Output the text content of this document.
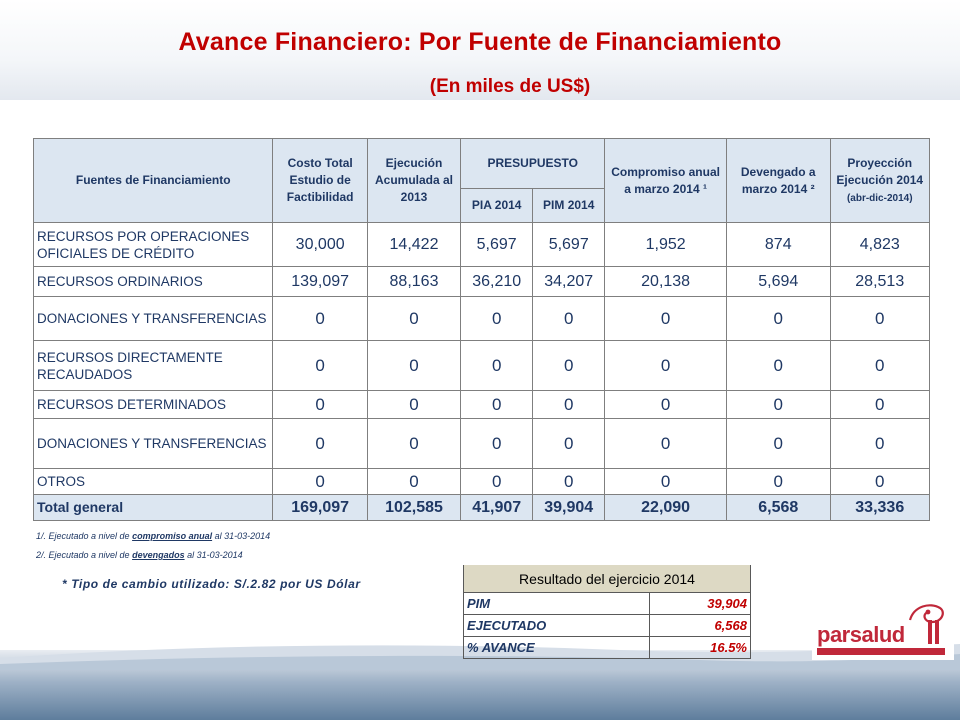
Avance Financiero: Por Fuente de Financiamiento
(En miles de US$)
Fuentes de Financiamiento	Costo Total Estudio de Factibilidad	Ejecución Acumulada al 2013	PRESUPUESTO		Compromiso anual a marzo 2014 ¹	Devengado a marzo 2014 ²	Proyección Ejecución 2014
(abr-dic-2014)
			PIA 2014	PIM 2014			
RECURSOS POR OPERACIONES OFICIALES DE CRÉDITO	30,000	14,422	5,697	5,697	1,952	874	4,823
RECURSOS ORDINARIOS	139,097	88,163	36,210	34,207	20,138	5,694	28,513
DONACIONES Y TRANSFERENCIAS	0	0	0	0	0	0	0
RECURSOS DIRECTAMENTE RECAUDADOS	0	0	0	0	0	0	0
RECURSOS DETERMINADOS	0	0	0	0	0	0	0
DONACIONES Y TRANSFERENCIAS	0	0	0	0	0	0	0
OTROS	0	0	0	0	0	0	0
Total general	169,097	102,585	41,907	39,904	22,090	6,568	33,336
1/. Ejecutado a nivel de compromiso anual al 31-03-2014
2/. Ejecutado a nivel de devengados al 31-03-2014
* Tipo de cambio utilizado: S/.2.82 por US Dólar	Resultado del ejercicio 2014	
PIM	39,904
EJECUTADO	6,568
% AVANCE	16.5%
parsalud
